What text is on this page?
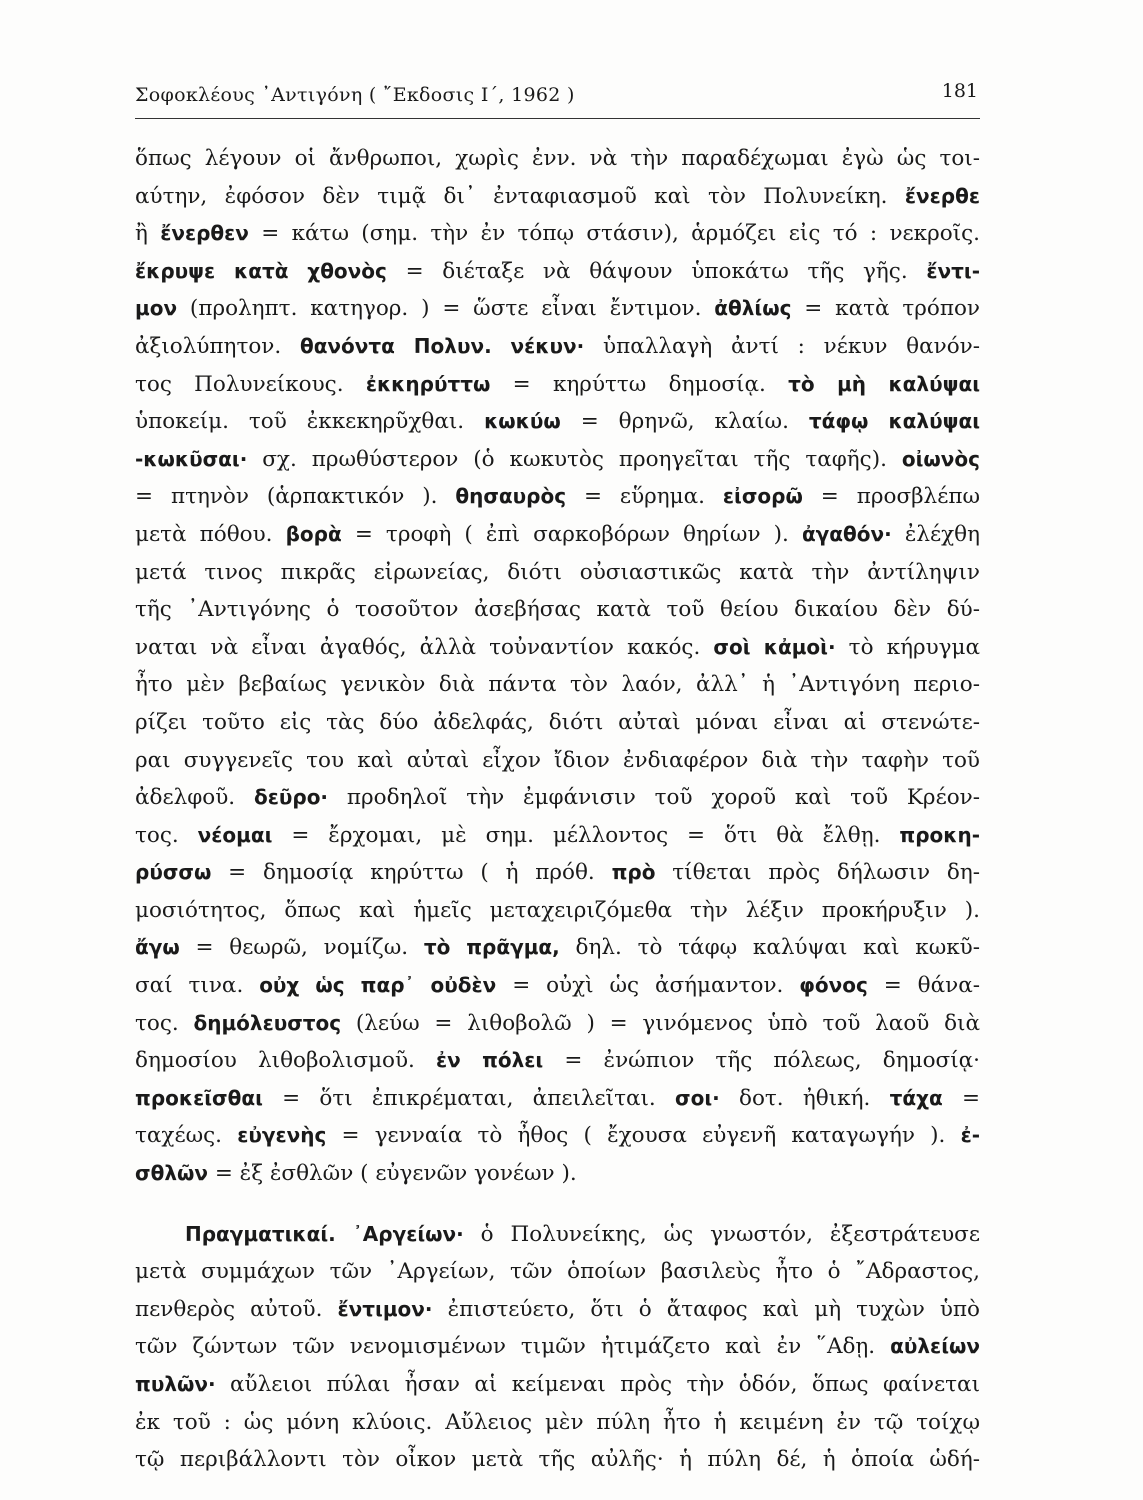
Σοφοκλέους ᾿Αντιγόνη ( ῎Εκδοσις Ι΄, 1962 )	181
ὅπως λέγουν οἱ ἄνθρωποι, χωρὶς ἐνν. νὰ τὴν παραδέχωμαι ἐγὼ ὡς τοι-
αύτην, ἐφόσον δὲν τιμᾷ δι᾿ ἐνταφιασμοῦ καὶ τὸν Πολυνείκη. ἔνερθε
ἢ ἔνερθεν = κάτω (σημ. τὴν ἐν τόπῳ στάσιν), ἁρμόζει εἰς τό : νεκροῖς.
ἔκρυψε κατὰ χθονὸς = διέταξε νὰ θάψουν ὑποκάτω τῆς γῆς. ἔντι-
μον (προληπτ. κατηγορ. ) = ὥστε εἶναι ἔντιμον. ἀθλίως = κατὰ τρόπον
ἀξιολύπητον. θανόντα Πολυν. νέκυν· ὑπαλλαγὴ ἀντί : νέκυν θανόν-
τος Πολυνείκους. ἐκκηρύττω = κηρύττω δημοσίᾳ. τὸ μὴ καλύψαι
ὑποκείμ. τοῦ ἐκκεκηρῦχθαι. κωκύω = θρηνῶ, κλαίω. τάφῳ καλύψαι
-κωκῦσαι· σχ. πρωθύστερον (ὁ κωκυτὸς προηγεῖται τῆς ταφῆς). οἰωνὸς
= πτηνὸν (ἁρπακτικόν ). θησαυρὸς = εὕρημα. εἰσορῶ = προσβλέπω
μετὰ πόθου. βορὰ = τροφὴ ( ἐπὶ σαρκοβόρων θηρίων ). ἀγαθόν· ἐλέχθη
μετά τινος πικρᾶς εἰρωνείας, διότι οὐσιαστικῶς κατὰ τὴν ἀντίληψιν
τῆς ᾿Αντιγόνης ὁ τοσοῦτον ἀσεβήσας κατὰ τοῦ θείου δικαίου δὲν δύ-
ναται νὰ εἶναι ἀγαθός, ἀλλὰ τοὐναντίον κακός. σοὶ κἀμοὶ· τὸ κήρυγμα
ἦτο μὲν βεβαίως γενικὸν διὰ πάντα τὸν λαόν, ἀλλ᾿ ἡ ᾿Αντιγόνη περιο-
ρίζει τοῦτο εἰς τὰς δύο ἀδελφάς, διότι αὐταὶ μόναι εἶναι αἱ στενώτε-
ραι συγγενεῖς του καὶ αὐταὶ εἶχον ἴδιον ἐνδιαφέρον διὰ τὴν ταφὴν τοῦ
ἀδελφοῦ. δεῦρο· προδηλοῖ τὴν ἐμφάνισιν τοῦ χοροῦ καὶ τοῦ Κρέον-
τος. νέομαι = ἔρχομαι, μὲ σημ. μέλλοντος = ὅτι θὰ ἔλθῃ. προκη-
ρύσσω = δημοσίᾳ κηρύττω ( ἡ πρόθ. πρὸ τίθεται πρὸς δήλωσιν δη-
μοσιότητος, ὅπως καὶ ἡμεῖς μεταχειριζόμεθα τὴν λέξιν προκήρυξιν ).
ἄγω = θεωρῶ, νομίζω. τὸ πρᾶγμα, δηλ. τὸ τάφῳ καλύψαι καὶ κωκῦ-
σαί τινα. οὐχ ὡς παρ᾿ οὐδὲν = οὐχὶ ὡς ἀσήμαντον. φόνος = θάνα-
τος. δημόλευστος (λεύω = λιθοβολῶ ) = γινόμενος ὑπὸ τοῦ λαοῦ διὰ
δημοσίου λιθοβολισμοῦ. ἐν πόλει = ἐνώπιον τῆς πόλεως, δημοσίᾳ·
προκεῖσθαι = ὅτι ἐπικρέμαται, ἀπειλεῖται. σοι· δοτ. ἠθική. τάχα =
ταχέως. εὐγενὴς = γενναία τὸ ἦθος ( ἔχουσα εὐγενῆ καταγωγήν ). ἐ-
σθλῶν = ἐξ ἐσθλῶν ( εὐγενῶν γονέων ).
Πραγματικαί. ᾿Αργείων· ὁ Πολυνείκης, ὡς γνωστόν, ἐξεστράτευσε
μετὰ συμμάχων τῶν ᾿Αργείων, τῶν ὁποίων βασιλεὺς ἦτο ὁ ῎Αδραστος,
πενθερὸς αὐτοῦ. ἔντιμον· ἐπιστεύετο, ὅτι ὁ ἄταφος καὶ μὴ τυχὼν ὑπὸ
τῶν ζώντων τῶν νενομισμένων τιμῶν ἠτιμάζετο καὶ ἐν ῞Αδῃ. αὐλείων
πυλῶν· αὔλειοι πύλαι ἦσαν αἱ κείμεναι πρὸς τὴν ὁδόν, ὅπως φαίνεται
ἐκ τοῦ : ὡς μόνη κλύοις. Αὔλειος μὲν πύλη ἦτο ἡ κειμένη ἐν τῷ τοίχῳ
τῷ περιβάλλοντι τὸν οἶκον μετὰ τῆς αὐλῆς· ἡ πύλη δέ, ἡ ὁποία ὡδή-
